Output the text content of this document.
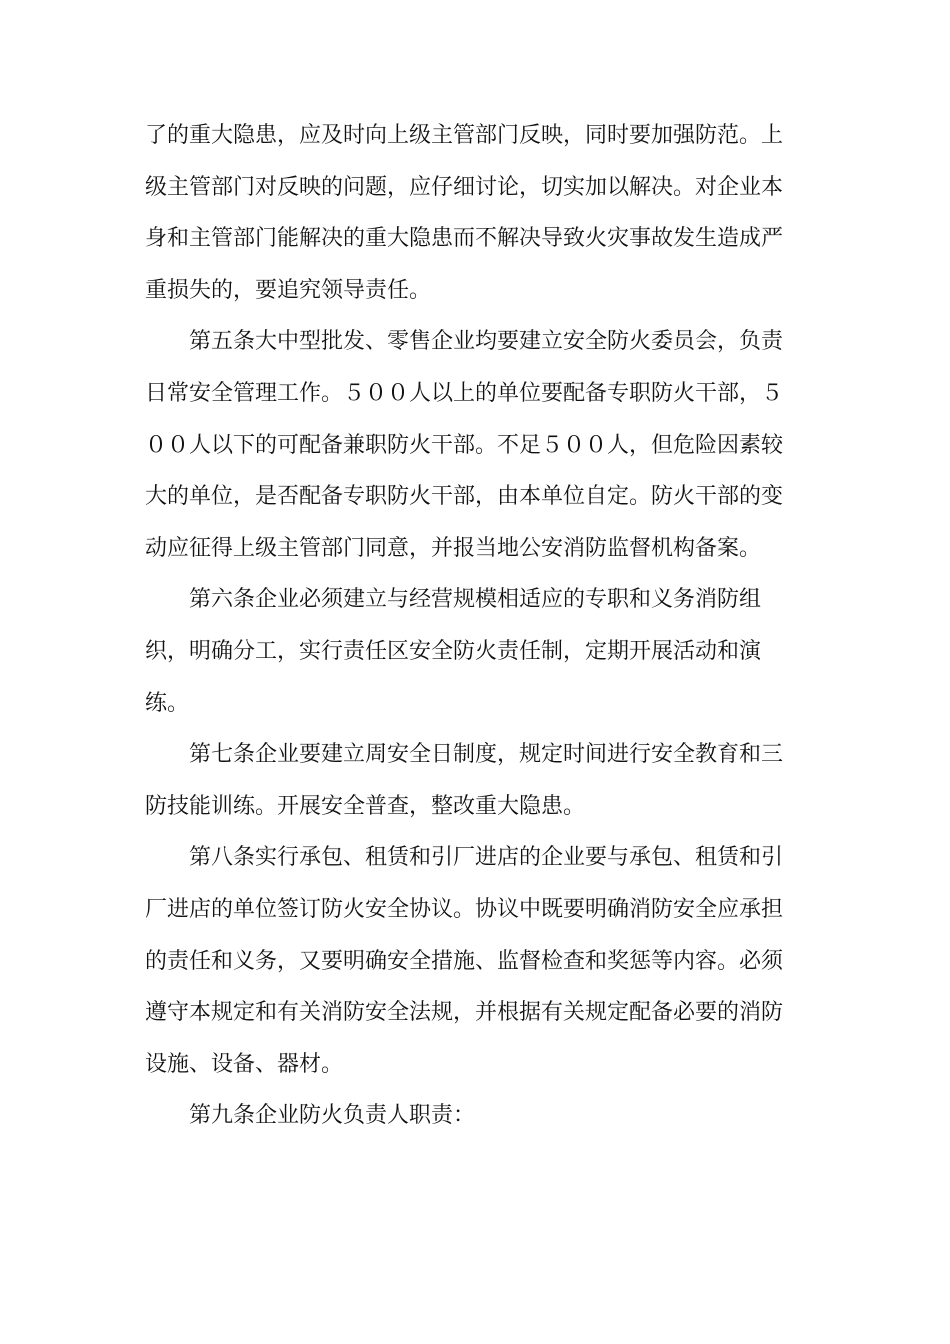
了的重大隐患，应及时向上级主管部门反映，同时要加强防范。上
级主管部门对反映的问题，应仔细讨论，切实加以解决。对企业本
身和主管部门能解决的重大隐患而不解决导致火灾事故发生造成严
重损失的，要追究领导责任。
第五条大中型批发、零售企业均要建立安全防火委员会，负责
日常安全管理工作。５００人以上的单位要配备专职防火干部，５
００人以下的可配备兼职防火干部。不足５００人，但危险因素较
大的单位，是否配备专职防火干部，由本单位自定。防火干部的变
动应征得上级主管部门同意，并报当地公安消防监督机构备案。
第六条企业必须建立与经营规模相适应的专职和义务消防组
织，明确分工，实行责任区安全防火责任制，定期开展活动和演
练。
第七条企业要建立周安全日制度，规定时间进行安全教育和三
防技能训练。开展安全普查，整改重大隐患。
第八条实行承包、租赁和引厂进店的企业要与承包、租赁和引
厂进店的单位签订防火安全协议。协议中既要明确消防安全应承担
的责任和义务，又要明确安全措施、监督检查和奖惩等内容。必须
遵守本规定和有关消防安全法规，并根据有关规定配备必要的消防
设施、设备、器材。
第九条企业防火负责人职责：
